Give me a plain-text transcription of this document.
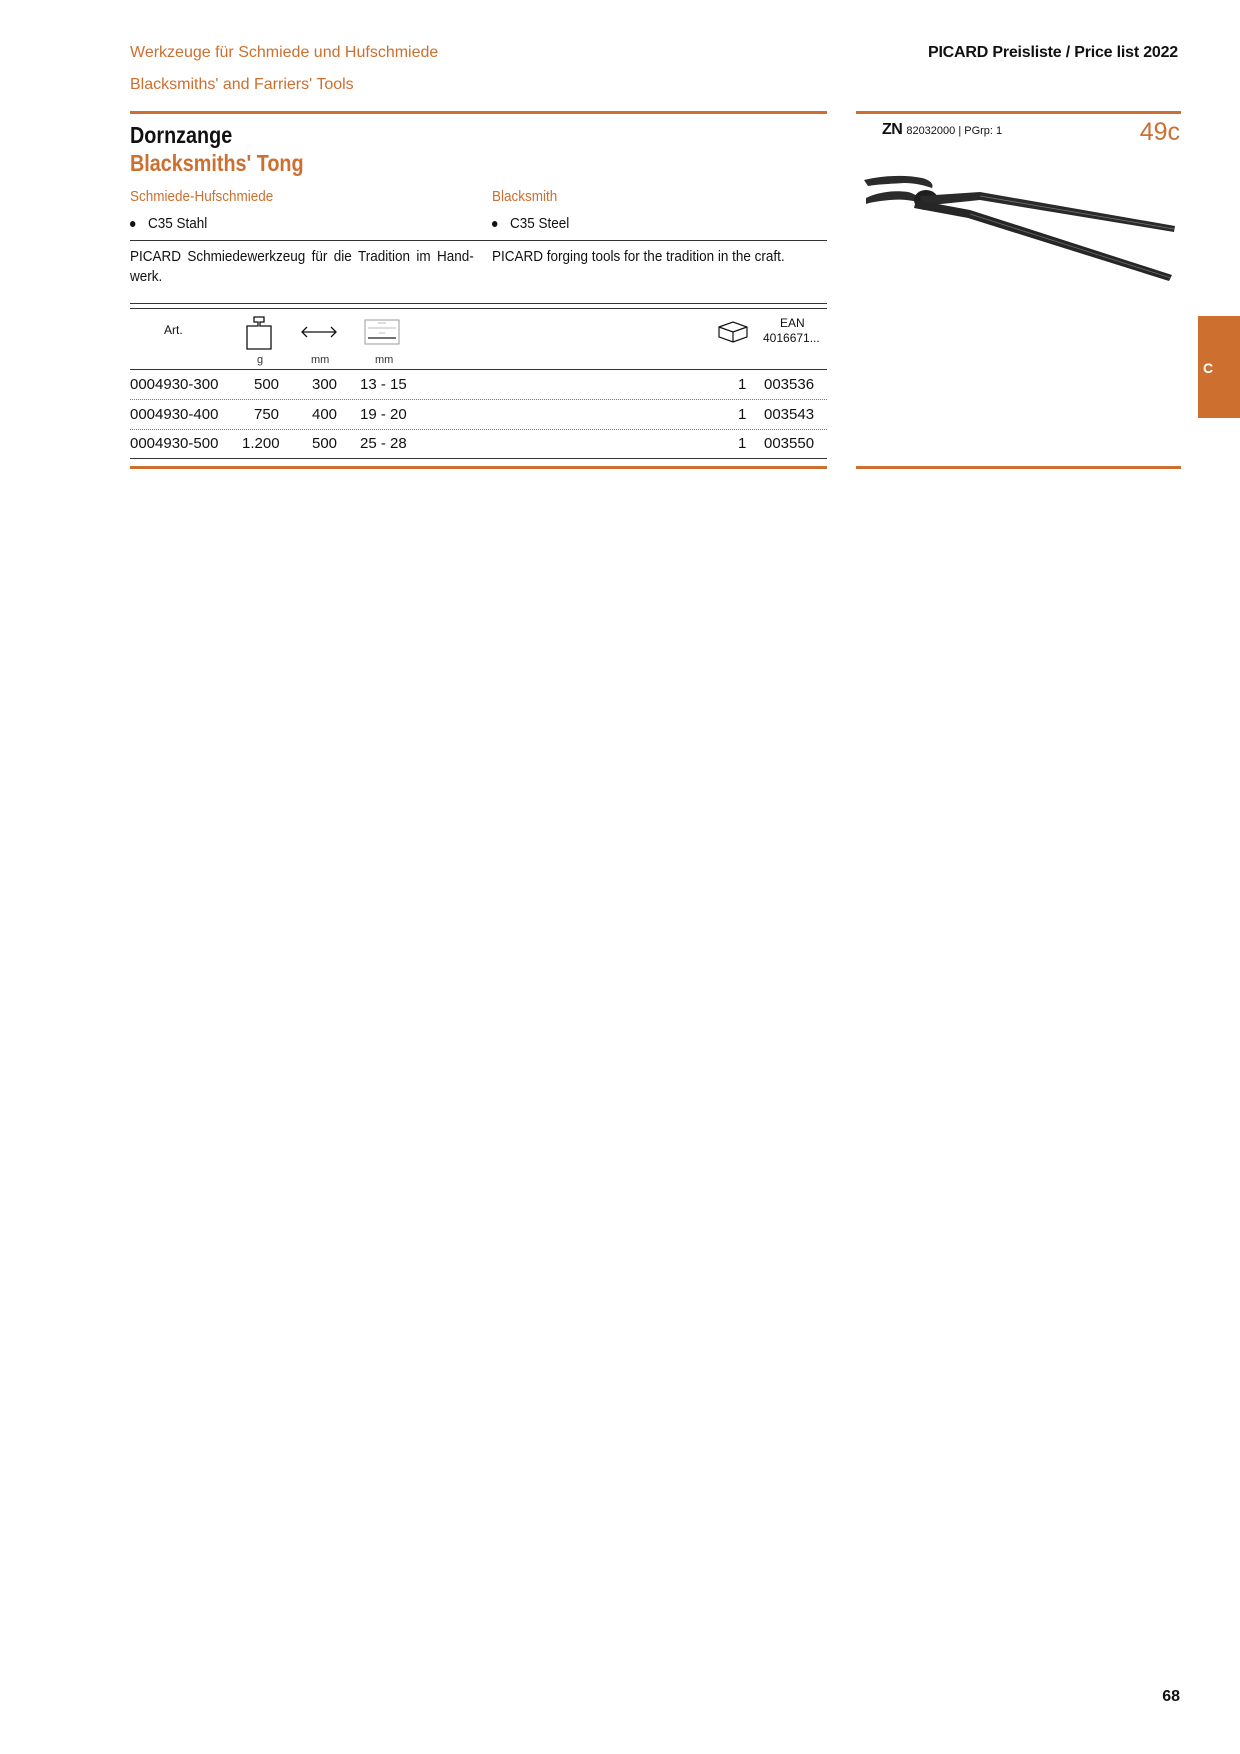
Werkzeuge für Schmiede und Hufschmiede
Blacksmiths' and Farriers' Tools
PICARD Preisliste / Price list 2022
Dornzange
Blacksmiths' Tong
Schmiede-Hufschmiede	Blacksmith
C35 Stahl	C35 Steel
PICARD Schmiedewerkzeug für die Tradition im Hand-werk.
PICARD forging tools for the tradition in the craft.
Art.	EAN
4016671...
g	mm	mm
0004930-300 500 300 13 - 15	1 003536
0004930-400 750 400 19 - 20	1 003543
0004930-500 1.200 500 25 - 28	1 003550
ZN 82032000 | PGrp: 1	49c
C
68
